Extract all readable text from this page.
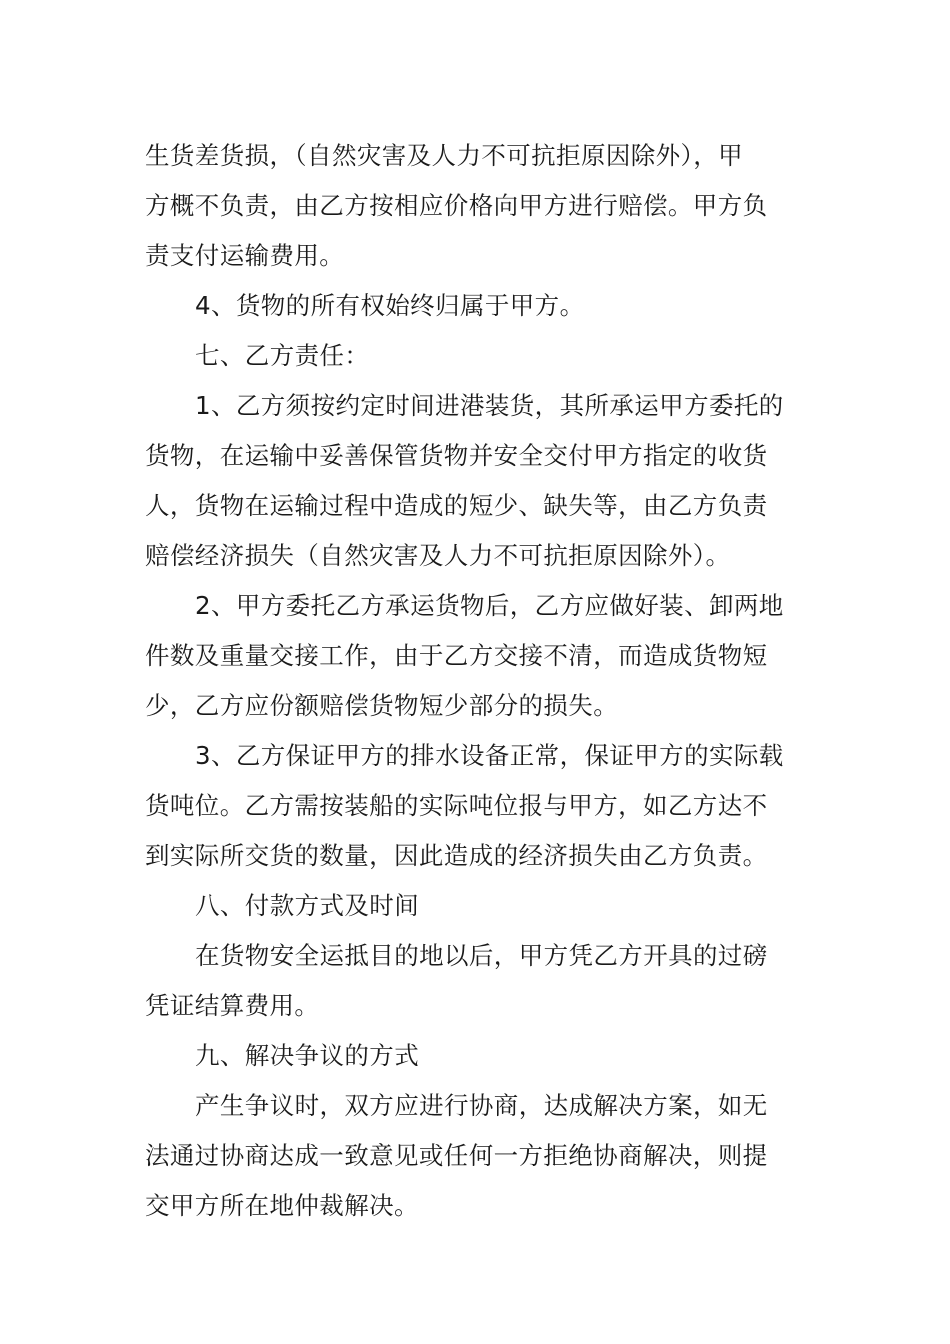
生货差货损，（自然灾害及人力不可抗拒原因除外），甲

方概不负责，由乙方按相应价格向甲方进行赔偿。甲方负

责支付运输费用。

4、货物的所有权始终归属于甲方。

七、乙方责任：

1、乙方须按约定时间进港装货，其所承运甲方委托的

货物，在运输中妥善保管货物并安全交付甲方指定的收货

人，货物在运输过程中造成的短少、缺失等，由乙方负责

赔偿经济损失（自然灾害及人力不可抗拒原因除外）。

2、甲方委托乙方承运货物后，乙方应做好装、卸两地

件数及重量交接工作，由于乙方交接不清，而造成货物短

少，乙方应份额赔偿货物短少部分的损失。

3、乙方保证甲方的排水设备正常，保证甲方的实际载

货吨位。乙方需按装船的实际吨位报与甲方，如乙方达不

到实际所交货的数量，因此造成的经济损失由乙方负责。

八、付款方式及时间

在货物安全运抵目的地以后，甲方凭乙方开具的过磅

凭证结算费用。

九、解决争议的方式

产生争议时，双方应进行协商，达成解决方案，如无

法通过协商达成一致意见或任何一方拒绝协商解决，则提

交甲方所在地仲裁解决。
